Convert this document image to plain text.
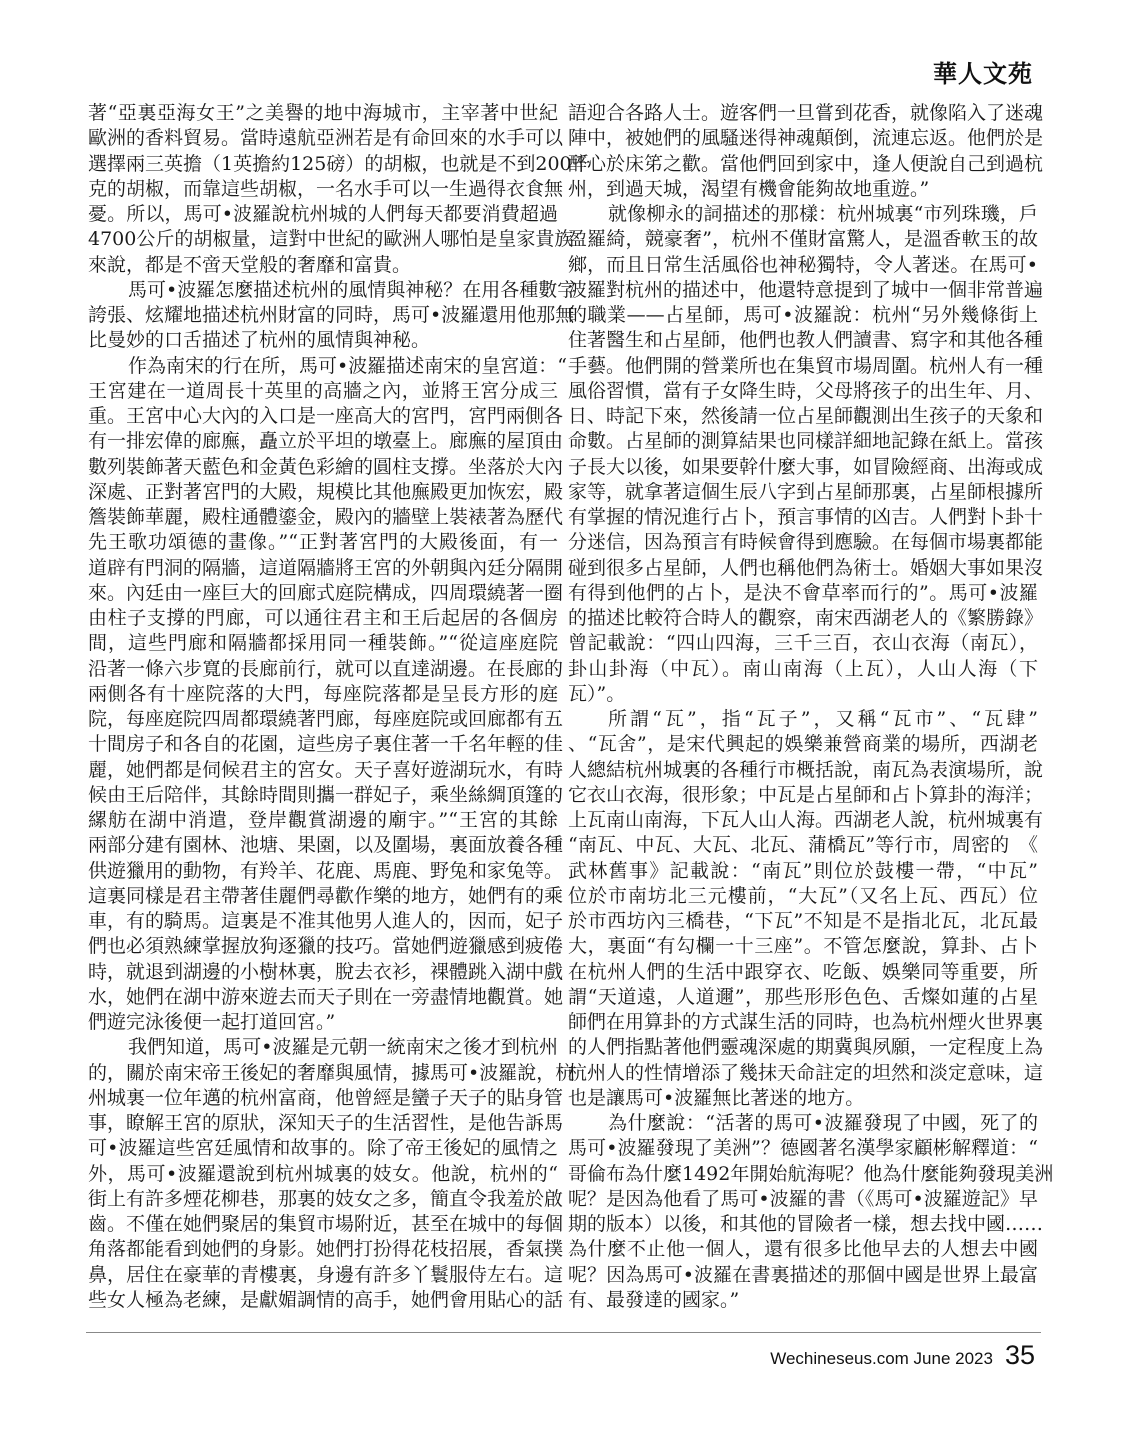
華人文苑
著“亞裏亞海女王”之美譽的地中海城市，主宰著中世紀
歐洲的香料貿易。當時遠航亞洲若是有命回來的水手可以
選擇兩三英擔（1英擔約125磅）的胡椒，也就是不到200千
克的胡椒，而靠這些胡椒，一名水手可以一生過得衣食無
憂。所以，馬可•波羅說杭州城的人們每天都要消費超過
4700公斤的胡椒量，這對中世紀的歐洲人哪怕是皇家貴族
來說，都是不啻天堂般的奢靡和富貴。
馬可•波羅怎麼描述杭州的風情與神秘？在用各種數字
誇張、炫耀地描述杭州財富的同時，馬可•波羅還用他那無
比曼妙的口舌描述了杭州的風情與神秘。
作為南宋的行在所，馬可•波羅描述南宋的皇宮道：“
王宮建在一道周長十英里的高牆之內，並將王宮分成三
重。王宮中心大內的入口是一座高大的宮門，宮門兩側各
有一排宏偉的廊廡，矗立於平坦的墩臺上。廊廡的屋頂由
數列裝飾著天藍色和金黃色彩繪的圓柱支撐。坐落於大內
深處、正對著宮門的大殿，規模比其他廡殿更加恢宏，殿
簷裝飾華麗，殿柱通體鎏金，殿內的牆壁上裝裱著為歷代
先王歌功頌德的畫像。”“正對著宮門的大殿後面，有一
道辟有門洞的隔牆，這道隔牆將王宮的外朝與內廷分隔開
來。內廷由一座巨大的回廊式庭院構成，四周環繞著一圈
由柱子支撐的門廊，可以通往君主和王后起居的各個房
間，這些門廊和隔牆都採用同一種裝飾。”“從這座庭院
沿著一條六步寬的長廊前行，就可以直達湖邊。在長廊的
兩側各有十座院落的大門，每座院落都是呈長方形的庭
院，每座庭院四周都環繞著門廊，每座庭院或回廊都有五
十間房子和各自的花園，這些房子裏住著一千名年輕的佳
麗，她們都是伺候君主的宮女。天子喜好遊湖玩水，有時
候由王后陪伴，其餘時間則攜一群妃子，乘坐絲綢頂篷的
縲舫在湖中消遣，登岸觀賞湖邊的廟宇。”“王宮的其餘
兩部分建有園林、池塘、果園，以及圍場，裏面放養各種
供遊獵用的動物，有羚羊、花鹿、馬鹿、野兔和家兔等。
這裏同樣是君主帶著佳麗們尋歡作樂的地方，她們有的乘
車，有的騎馬。這裏是不准其他男人進人的，因而，妃子
們也必須熟練掌握放狗逐獵的技巧。當她們遊獵感到疲倦
時，就退到湖邊的小樹林裏，脫去衣衫，裸體跳入湖中戲
水，她們在湖中游來遊去而天子則在一旁盡情地觀賞。她
們遊完泳後便一起打道回宮。”
我們知道，馬可•波羅是元朝一統南宋之後才到杭州
的，關於南宋帝王後妃的奢靡與風情，據馬可•波羅說，杭
州城裏一位年邁的杭州富商，他曾經是蠻子天子的貼身管
事，瞭解王宮的原狀，深知天子的生活習性，是他告訴馬
可•波羅這些宮廷風情和故事的。除了帝王後妃的風情之
外，馬可•波羅還說到杭州城裏的妓女。他說，杭州的“
街上有許多煙花柳巷，那裏的妓女之多，簡直令我羞於啟
齒。不僅在她們聚居的集貿市場附近，甚至在城中的每個
角落都能看到她們的身影。她們打扮得花枝招展，香氣撲
鼻，居住在豪華的青樓裏，身邊有許多丫鬟服侍左右。這
些女人極為老練，是獻媚調情的高手，她們會用貼心的話
語迎合各路人士。遊客們一旦嘗到花香，就像陷入了迷魂
陣中，被她們的風騷迷得神魂顛倒，流連忘返。他們於是
醉心於床笫之歡。當他們回到家中，逢人便說自己到過杭
州，到過天城，渴望有機會能夠故地重遊。”
就像柳永的詞描述的那樣：杭州城裏“市列珠璣，戶
盈羅綺，競豪奢”，杭州不僅財富驚人，是溫香軟玉的故
鄉，而且日常生活風俗也神秘獨特，令人著迷。在馬可•
波羅對杭州的描述中，他還特意提到了城中一個非常普遍
的職業——占星師，馬可•波羅說：杭州“另外幾條街上
住著醫生和占星師，他們也教人們讀書、寫字和其他各種
手藝。他們開的營業所也在集貿市場周圍。杭州人有一種
風俗習慣，當有子女降生時，父母將孩子的出生年、月、
日、時記下來，然後請一位占星師觀測出生孩子的天象和
命數。占星師的測算結果也同樣詳細地記錄在紙上。當孩
子長大以後，如果要幹什麼大事，如冒險經商、出海或成
家等，就拿著這個生辰八字到占星師那裏，占星師根據所
有掌握的情況進行占卜，預言事情的凶吉。人們對卜卦十
分迷信，因為預言有時候會得到應驗。在每個市場裏都能
碰到很多占星師，人們也稱他們為術士。婚姻大事如果沒
有得到他們的占卜，是決不會草率而行的”。馬可•波羅
的描述比較符合時人的觀察，南宋西湖老人的《繁勝錄》
曾記載說：“四山四海，三千三百，衣山衣海（南瓦），
卦山卦海（中瓦）。南山南海（上瓦），人山人海（下
瓦）”。
所謂“瓦”，指“瓦子”，又稱“瓦市”、“瓦肆”
、“瓦舍”，是宋代興起的娛樂兼營商業的場所，西湖老
人總結杭州城裏的各種行市概括說，南瓦為表演場所，說
它衣山衣海，很形象；中瓦是占星師和占卜算卦的海洋；
上瓦南山南海，下瓦人山人海。西湖老人說，杭州城裏有
“南瓦、中瓦、大瓦、北瓦、蒲橋瓦”等行市，周密的　《
武林舊事》記載說：“南瓦”則位於鼓樓一帶，“中瓦”
位於市南坊北三元樓前，“大瓦”（又名上瓦、西瓦）位
於市西坊內三橋巷，“下瓦”不知是不是指北瓦，北瓦最
大，裏面“有勾欄一十三座”。不管怎麼說，算卦、占卜
在杭州人們的生活中跟穿衣、吃飯、娛樂同等重要，所
謂“天道遠，人道邇”，那些形形色色、舌燦如蓮的占星
師們在用算卦的方式謀生活的同時，也為杭州煙火世界裏
的人們指點著他們靈魂深處的期冀與夙願，一定程度上為
杭州人的性情增添了幾抹天命註定的坦然和淡定意味，這
也是讓馬可•波羅無比著迷的地方。
為什麼說：“活著的馬可•波羅發現了中國，死了的
馬可•波羅發現了美洲”？德國著名漢學家顧彬解釋道：“
哥倫布為什麼1492年開始航海呢？他為什麼能夠發現美洲
呢？是因為他看了馬可•波羅的書（《馬可•波羅遊記》早
期的版本）以後，和其他的冒險者一樣，想去找中國……
為什麼不止他一個人，還有很多比他早去的人想去中國
呢？因為馬可•波羅在書裏描述的那個中國是世界上最富
有、最發達的國家。”
Wechineseus.com June 2023 35
